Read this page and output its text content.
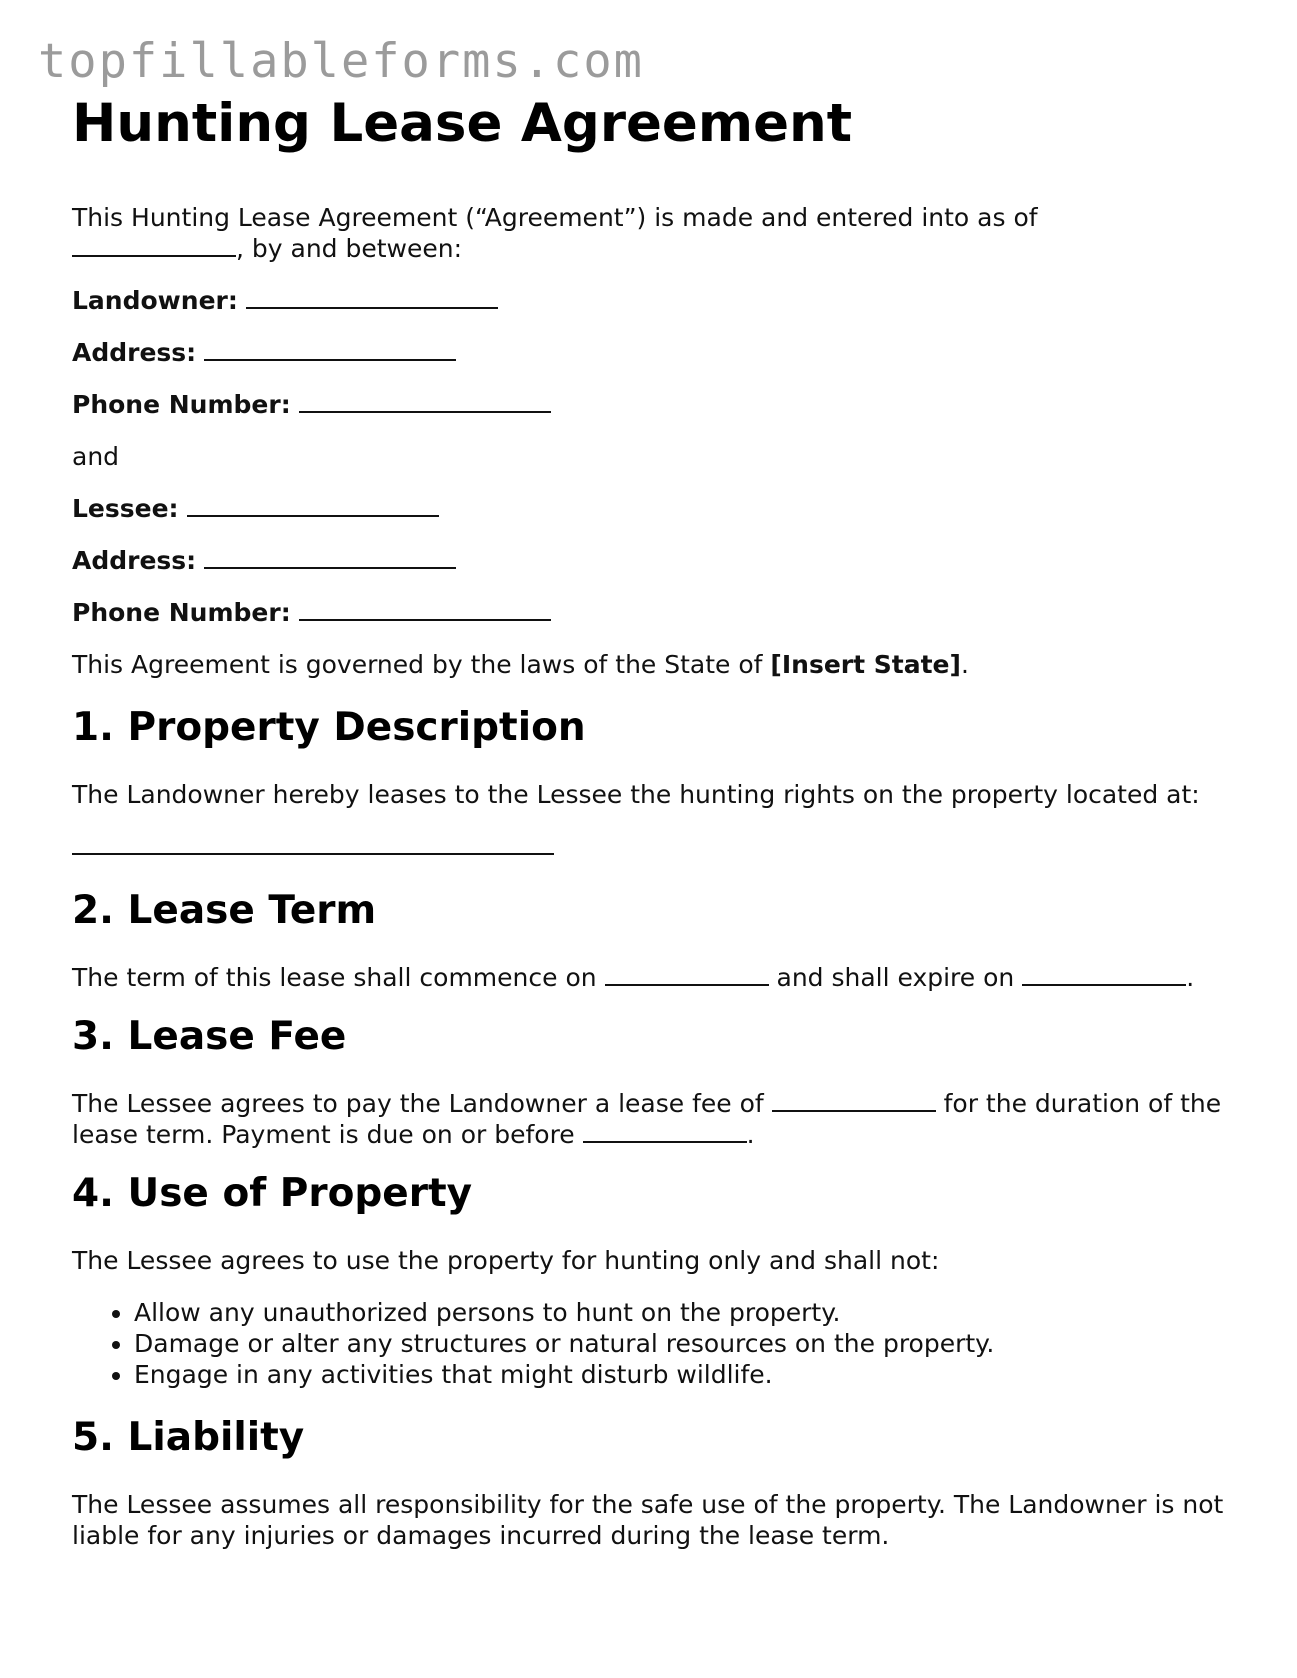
topfillableforms.com
Hunting Lease Agreement

This Hunting Lease Agreement (“Agreement”) is made and entered into as of
, by and between:

Landowner:

Address:

Phone Number:

and

Lessee:

Address:

Phone Number:

This Agreement is governed by the laws of the State of [Insert State].

1. Property Description

The Landowner hereby leases to the Lessee the hunting rights on the property located at:

2. Lease Term

The term of this lease shall commence on	and shall expire on	.

3. Lease Fee

The Lessee agrees to pay the Landowner a lease fee of	for the duration of the lease term. Payment is due on or before	.

4. Use of Property

The Lessee agrees to use the property for hunting only and shall not:

• Allow any unauthorized persons to hunt on the property.
• Damage or alter any structures or natural resources on the property.
• Engage in any activities that might disturb wildlife.
5. Liability

The Lessee assumes all responsibility for the safe use of the property. The Landowner is not liable for any injuries or damages incurred during the lease term.
